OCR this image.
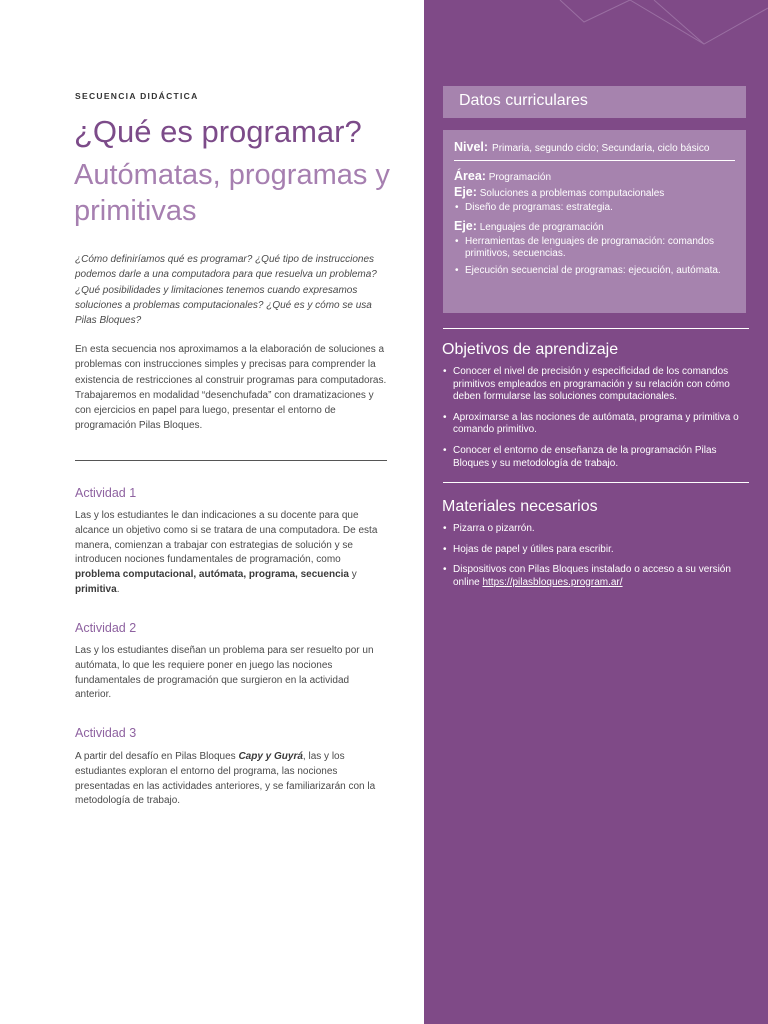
SECUENCIA DIDÁCTICA
¿Qué es programar?
Autómatas, programas y primitivas
¿Cómo definiríamos qué es programar? ¿Qué tipo de instrucciones podemos darle a una computadora para que resuelva un problema? ¿Qué posibilidades y limitaciones tenemos cuando expresamos soluciones a problemas computacionales? ¿Qué es y cómo se usa Pilas Bloques?
En esta secuencia nos aproximamos a la elaboración de soluciones a problemas con instrucciones simples y precisas para comprender la existencia de restricciones al construir programas para computadoras. Trabajaremos en modalidad “desenchufada” con dramatizaciones y con ejercicios en papel para luego, presentar el entorno de programación Pilas Bloques.
Actividad 1
Las y los estudiantes le dan indicaciones a su docente para que alcance un objetivo como si se tratara de una computadora. De esta manera, comienzan a trabajar con estrategias de solución y se introducen nociones fundamentales de programación, como problema computacional, autómata, programa, secuencia y primitiva.
Actividad 2
Las y los estudiantes diseñan un problema para ser resuelto por un autómata, lo que les requiere poner en juego las nociones fundamentales de programación que surgieron en la actividad anterior.
Actividad 3
A partir del desafío en Pilas Bloques Capy y Guyrá, las y los estudiantes exploran el entorno del programa, las nociones presentadas en las actividades anteriores, y se familiarizarán con la metodología de trabajo.
Datos curriculares
Nivel: Primaria, segundo ciclo; Secundaria, ciclo básico
Área: Programación
Eje: Soluciones a problemas computacionales
• Diseño de programas: estrategia.
Eje: Lenguajes de programación
• Herramientas de lenguajes de programación: comandos primitivos, secuencias.
• Ejecución secuencial de programas: ejecución, autómata.
Objetivos de aprendizaje
• Conocer el nivel de precisión y especificidad de los comandos primitivos empleados en programación y su relación con cómo deben formularse las soluciones computacionales.
• Aproximarse a las nociones de autómata, programa y primitiva o comando primitivo.
• Conocer el entorno de enseñanza de la programación Pilas Bloques y su metodología de trabajo.
Materiales necesarios
• Pizarra o pizarrón.
• Hojas de papel y útiles para escribir.
• Dispositivos con Pilas Bloques instalado o acceso a su versión online https://pilasbloques.program.ar/
